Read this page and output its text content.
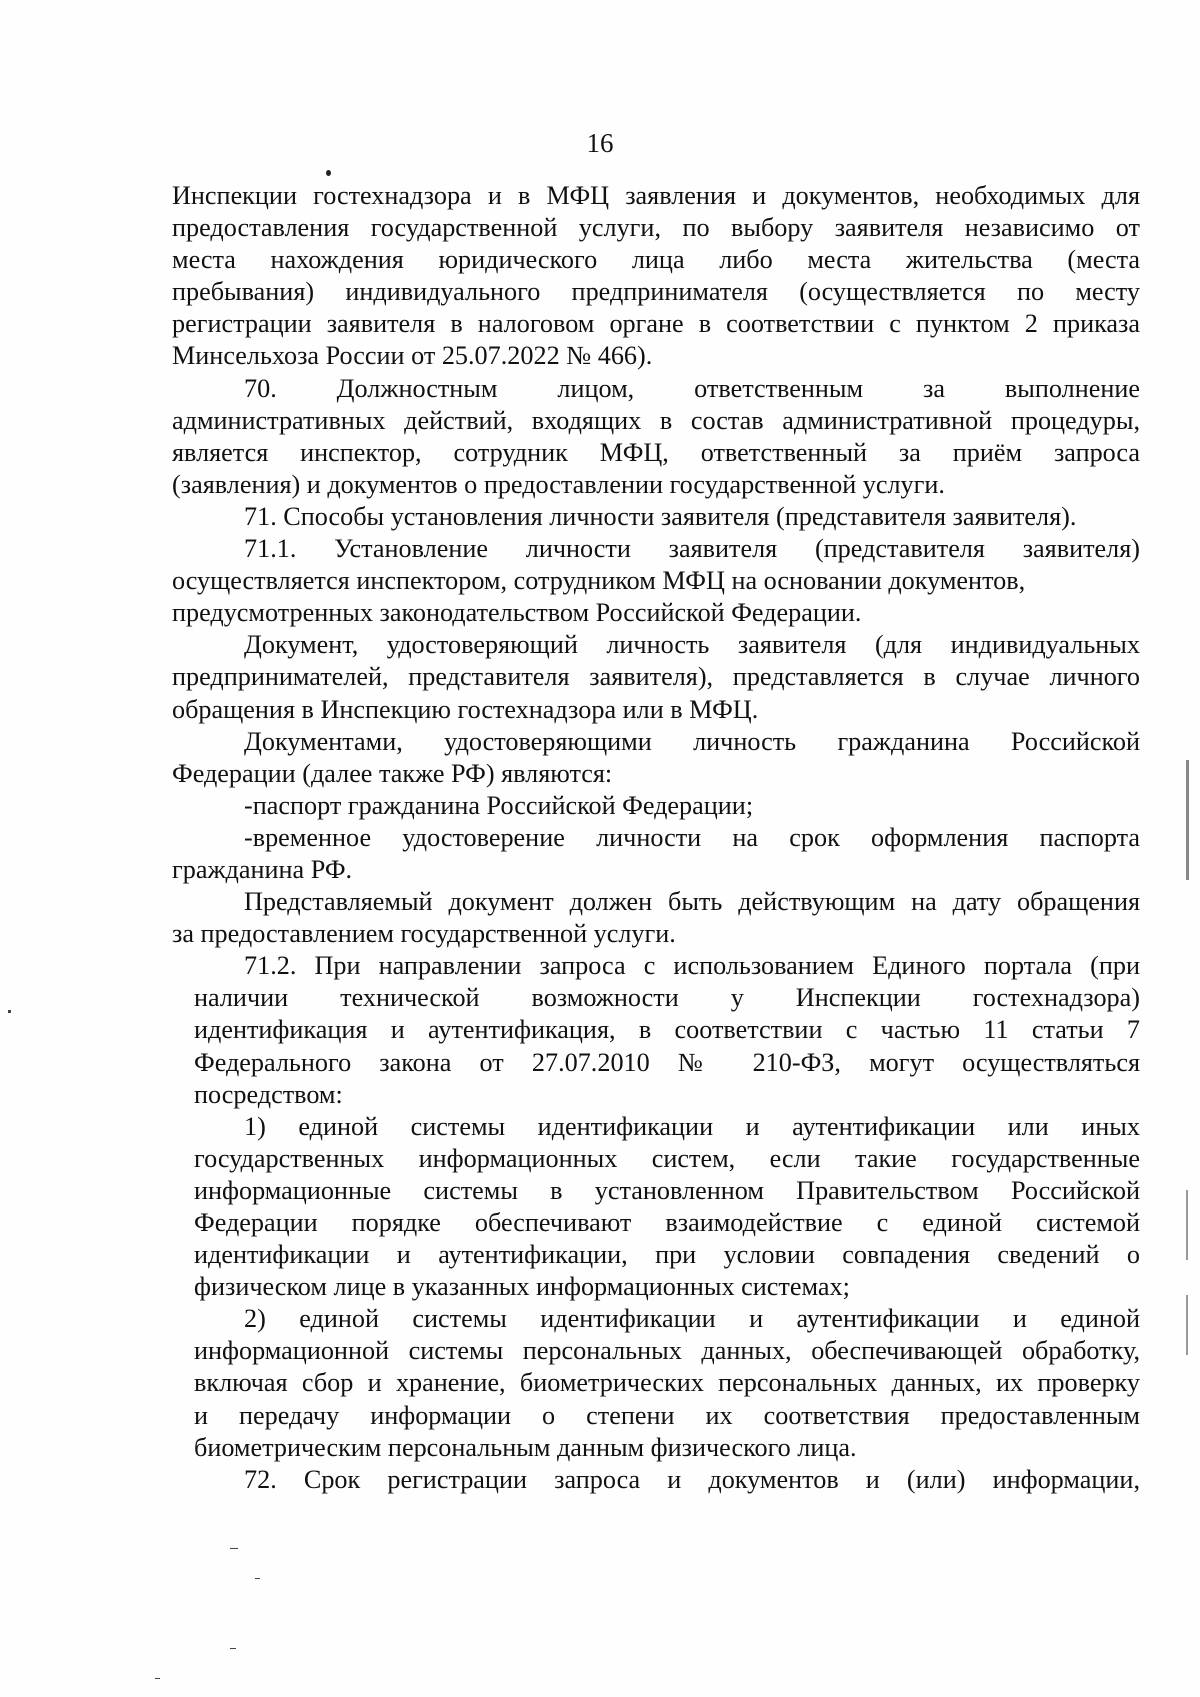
16

Инспекции гостехнадзора и в МФЦ заявления и документов, необходимых для

предоставления государственной услуги, по выбору заявителя независимо от

места нахождения юридического лица либо места жительства (места

пребывания) индивидуального предпринимателя (осуществляется по месту

регистрации заявителя в налоговом органе в соответствии с пунктом 2 приказа

Минсельхоза России от 25.07.2022 № 466).

70. Должностным лицом, ответственным за выполнение

административных действий, входящих в состав административной процедуры,

является инспектор, сотрудник МФЦ, ответственный за приём запроса

(заявления) и документов о предоставлении государственной услуги.

71. Способы установления личности заявителя (представителя заявителя).

71.1. Установление личности заявителя (представителя заявителя)

осуществляется инспектором, сотрудником МФЦ на основании документов,

предусмотренных законодательством Российской Федерации.

Документ, удостоверяющий личность заявителя (для индивидуальных

предпринимателей, представителя заявителя), представляется в случае личного

обращения в Инспекцию гостехнадзора или в МФЦ.

Документами, удостоверяющими личность гражданина Российской

Федерации (далее также РФ) являются:

-паспорт гражданина Российской Федерации;

-временное удостоверение личности на срок оформления паспорта

гражданина РФ.

Представляемый документ должен быть действующим на дату обращения

за предоставлением государственной услуги.

71.2. При направлении запроса с использованием Единого портала (при

наличии технической возможности у Инспекции гостехнадзора)

идентификация и аутентификация, в соответствии с частью 11 статьи 7

Федерального закона от 27.07.2010 № 210-ФЗ, могут осуществляться

посредством:

1) единой системы идентификации и аутентификации или иных

государственных информационных систем, если такие государственные

информационные системы в установленном Правительством Российской

Федерации порядке обеспечивают взаимодействие с единой системой

идентификации и аутентификации, при условии совпадения сведений о

физическом лице в указанных информационных системах;

2) единой системы идентификации и аутентификации и единой

информационной системы персональных данных, обеспечивающей обработку,

включая сбор и хранение, биометрических персональных данных, их проверку

и передачу информации о степени их соответствия предоставленным

биометрическим персональным данным физического лица.

72. Срок регистрации запроса и документов и (или) информации,
